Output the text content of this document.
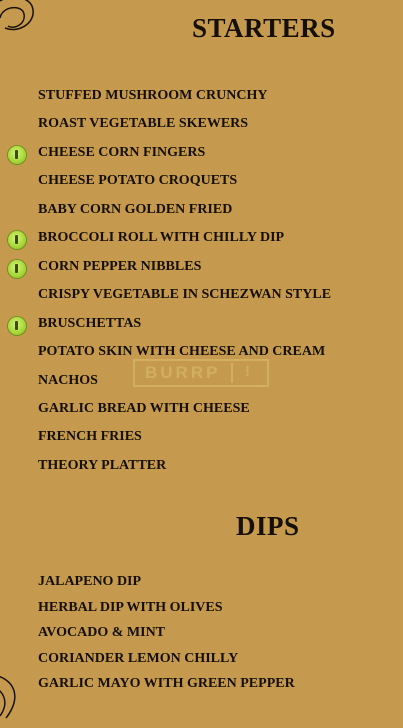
STARTERS

STUFFED MUSHROOM CRUNCHY

ROAST VEGETABLE SKEWERS

CHEESE CORN FINGERS

CHEESE POTATO CROQUETS

BABY CORN GOLDEN FRIED

BROCCOLI ROLL WITH CHILLY DIP

CORN PEPPER NIBBLES

CRISPY VEGETABLE IN SCHEZWAN STYLE

BRUSCHETTAS

POTATO SKIN WITH CHEESE AND CREAM

NACHOS

GARLIC BREAD WITH CHEESE

FRENCH FRIES

THEORY PLATTER

BURRP !
DIPS

JALAPENO DIP

HERBAL DIP WITH OLIVES

AVOCADO & MINT

CORIANDER LEMON CHILLY

GARLIC MAYO WITH GREEN PEPPER
